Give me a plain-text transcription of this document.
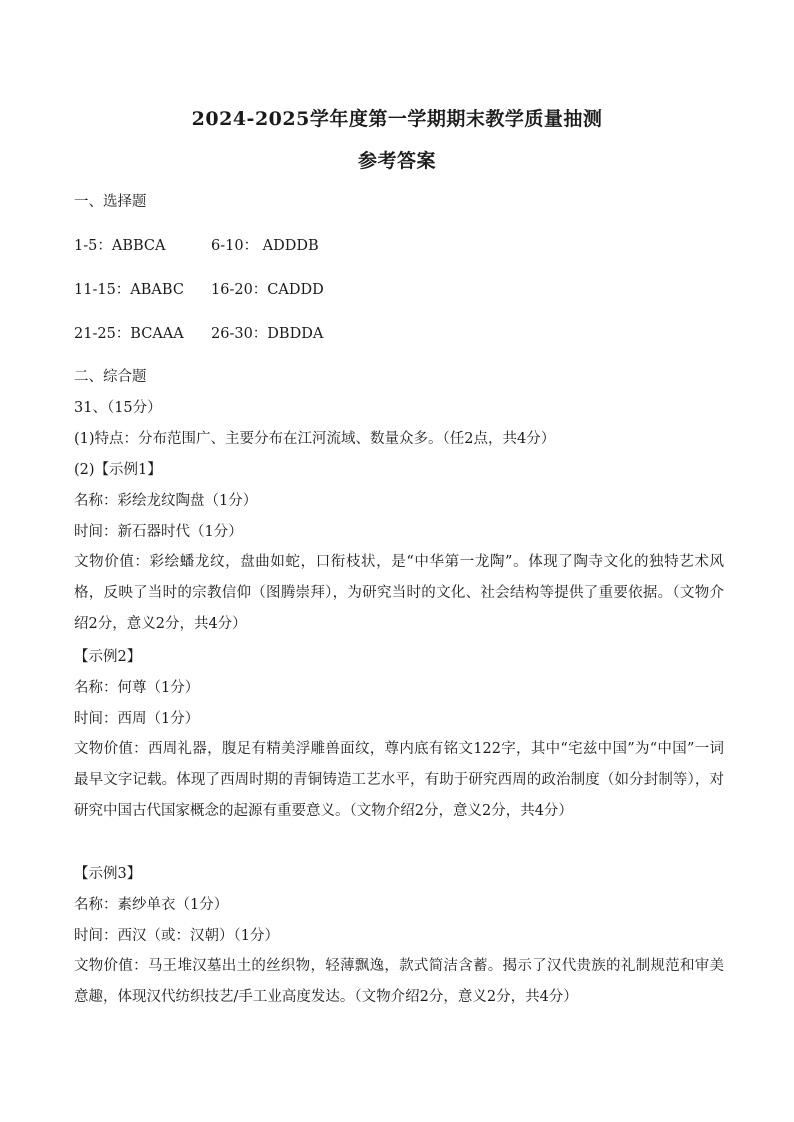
2024-2025学年度第一学期期末教学质量抽测
参考答案
一、选择题
1-5：ABBCA	6-10： ADDDB
11-15：ABABC 16-20：CADDD
21-25：BCAAA 26-30：DBDDA
二、综合题
31、（15分）
(1)特点：分布范围广、主要分布在江河流域、数量众多。（任2点，共4分）
(2)【示例1】
名称：彩绘龙纹陶盘（1分）
时间：新石器时代（1分）
文物价值：彩绘蟠龙纹，盘曲如蛇，口衔枝状，是“中华第一龙陶”。体现了陶寺文化的独特艺术风格，反映了当时的宗教信仰（图腾崇拜），为研究当时的文化、社会结构等提供了重要依据。（文物介绍2分，意义2分，共4分）
【示例2】
名称：何尊（1分）
时间：西周（1分）
文物价值：西周礼器，腹足有精美浮雕兽面纹，尊内底有铭文122字，其中“宅兹中国”为“中国”一词最早文字记载。体现了西周时期的青铜铸造工艺水平，有助于研究西周的政治制度（如分封制等），对研究中国古代国家概念的起源有重要意义。（文物介绍2分，意义2分，共4分）
【示例3】
名称：素纱单衣（1分）
时间：西汉（或：汉朝）（1分）
文物价值：马王堆汉墓出土的丝织物，轻薄飘逸，款式简洁含蓄。揭示了汉代贵族的礼制规范和审美意趣，体现汉代纺织技艺/手工业高度发达。（文物介绍2分，意义2分，共4分）
